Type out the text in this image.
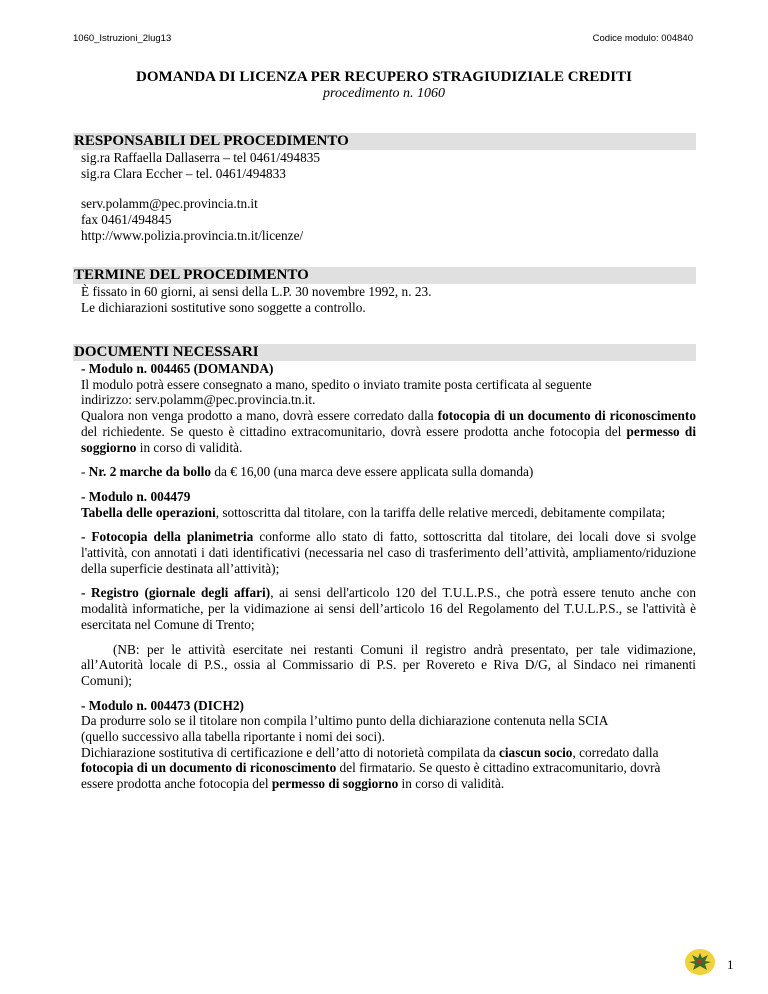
1060_Istruzioni_2lug13	Codice modulo: 004840
DOMANDA DI LICENZA PER RECUPERO STRAGIUDIZIALE CREDITI
procedimento n. 1060
RESPONSABILI DEL PROCEDIMENTO

sig.ra Raffaella Dallaserra – tel 0461/494835

sig.ra Clara Eccher – tel. 0461/494833

serv.polamm@pec.provincia.tn.it

fax 0461/494845

http://www.polizia.provincia.tn.it/licenze/

TERMINE DEL PROCEDIMENTO

È fissato in 60 giorni, ai sensi della L.P. 30 novembre 1992, n. 23.

Le dichiarazioni sostitutive sono soggette a controllo.

DOCUMENTI NECESSARI

- Modulo n. 004465 (DOMANDA)

Il modulo potrà essere consegnato a mano, spedito o inviato tramite posta certificata al seguente

indirizzo: serv.polamm@pec.provincia.tn.it.

Qualora non venga prodotto a mano, dovrà essere corredato dalla fotocopia di un documento di riconoscimento del richiedente. Se questo è cittadino extracomunitario, dovrà essere prodotta anche fotocopia del permesso di soggiorno in corso di validità.

- Nr. 2 marche da bollo da € 16,00 (una marca deve essere applicata sulla domanda)

- Modulo n. 004479

Tabella delle operazioni, sottoscritta dal titolare, con la tariffa delle relative mercedi, debitamente compilata;

- Fotocopia della planimetria conforme allo stato di fatto, sottoscritta dal titolare, dei locali dove si svolge l'attività, con annotati i dati identificativi (necessaria nel caso di trasferimento dell’attività, ampliamento/riduzione della superficie destinata all’attività);

- Registro (giornale degli affari), ai sensi dell'articolo 120 del T.U.L.P.S., che potrà essere tenuto anche con modalità informatiche, per la vidimazione ai sensi dell’articolo 16 del Regolamento del T.U.L.P.S., se l'attività è esercitata nel Comune di Trento;

(NB: per le attività esercitate nei restanti Comuni il registro andrà presentato, per tale vidimazione, all’Autorità locale di P.S., ossia al Commissario di P.S. per Rovereto e Riva D/G, al Sindaco nei rimanenti Comuni);

- Modulo n. 004473 (DICH2)

Da produrre solo se il titolare non compila l’ultimo punto della dichiarazione contenuta nella SCIA

(quello successivo alla tabella riportante i nomi dei soci).

Dichiarazione sostitutiva di certificazione e dell’atto di notorietà compilata da ciascun socio, corredato dalla fotocopia di un documento di riconoscimento del firmatario. Se questo è cittadino extracomunitario, dovrà essere prodotta anche fotocopia del permesso di soggiorno in corso di validità.

1
